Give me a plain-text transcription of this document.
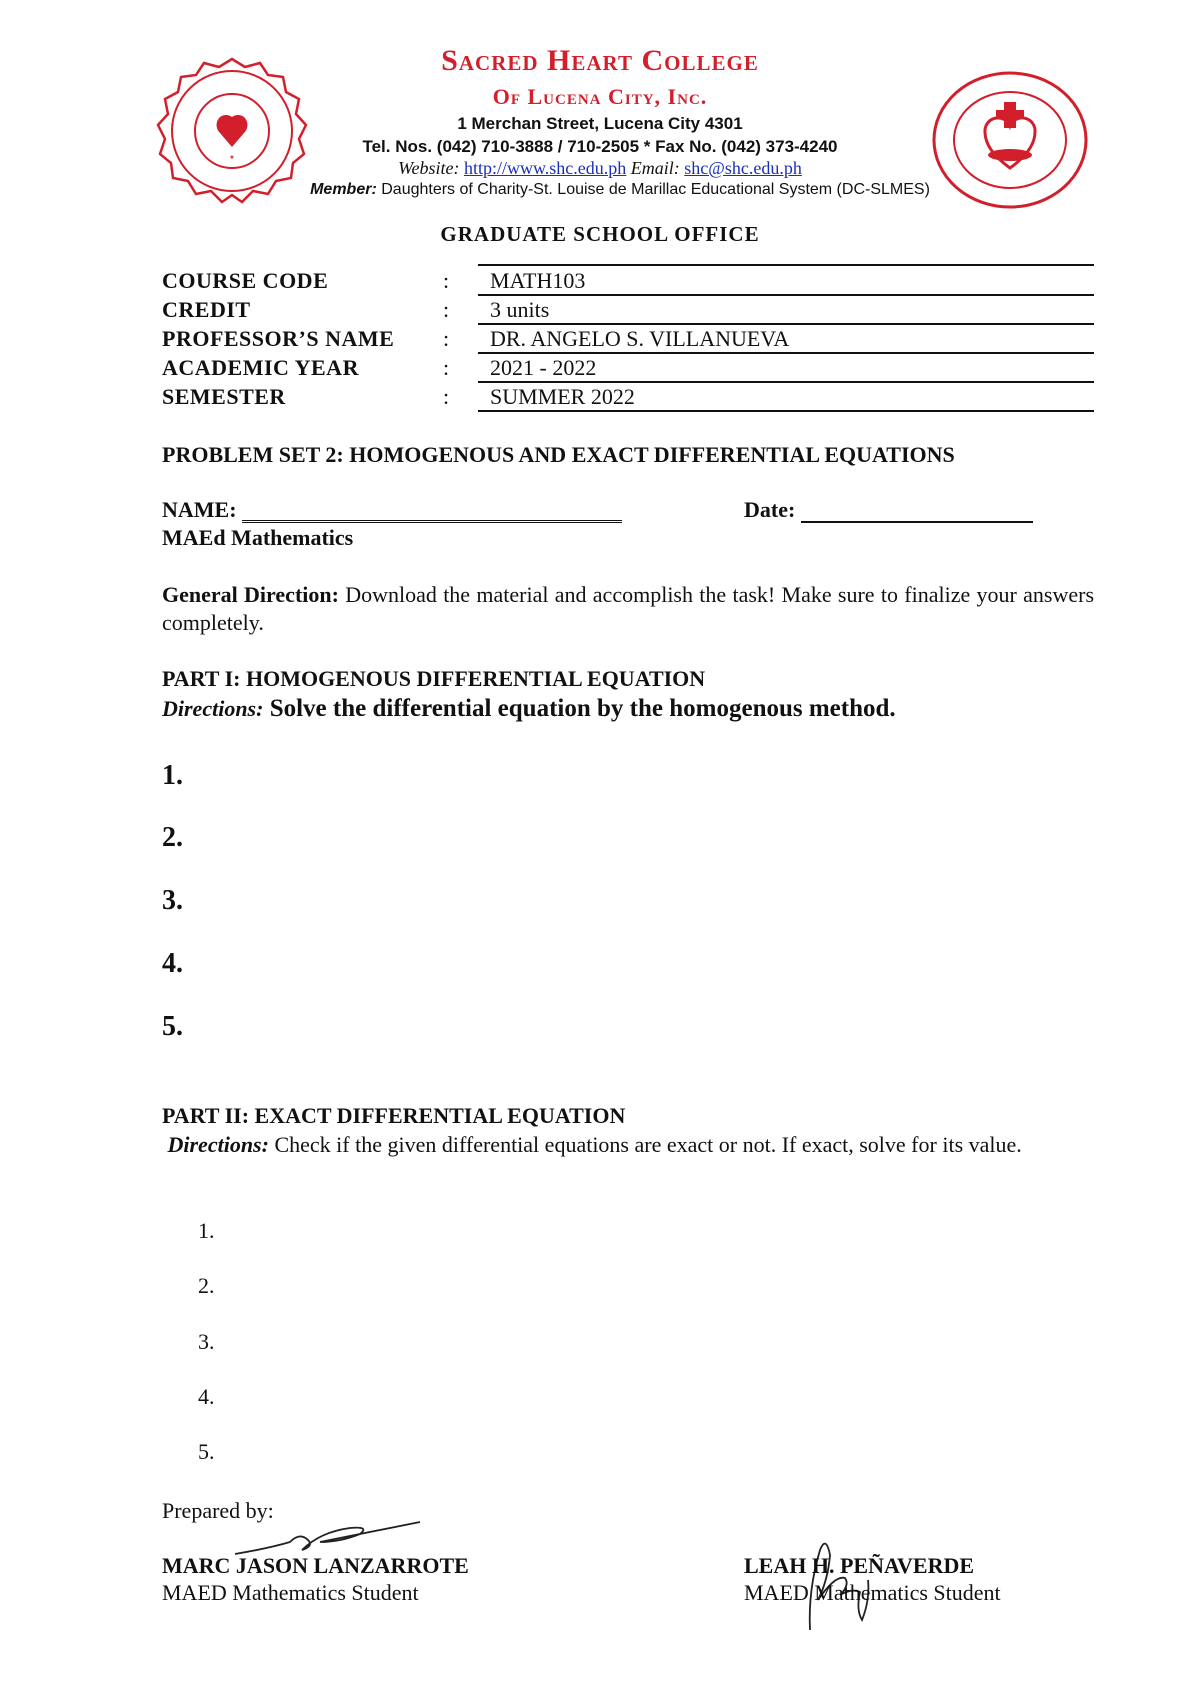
★
Sacred Heart College
Of Lucena City, Inc.
1 Merchan Street, Lucena City 4301
Tel. Nos. (042) 710-3888 / 710-2505 * Fax No. (042) 373-4240
Website: http://www.shc.edu.ph Email: shc@shc.edu.ph
Member: Daughters of Charity-St. Louise de Marillac Educational System (DC-SLMES)
GRADUATE SCHOOL OFFICE
COURSE CODE	: MATH103
CREDIT	: 3 units
PROFESSOR’S NAME : DR. ANGELO S. VILLANUEVA
ACADEMIC YEAR	: 2021 - 2022
SEMESTER	: SUMMER 2022
PROBLEM SET 2: HOMOGENOUS AND EXACT DIFFERENTIAL EQUATIONS
NAME:	Date:
MAEd Mathematics
General Direction: Download the material and accomplish the task! Make sure to finalize your answers completely.
PART I: HOMOGENOUS DIFFERENTIAL EQUATION
Directions: Solve the differential equation by the homogenous method.
1.
2.
3.
4.
5.
PART II: EXACT DIFFERENTIAL EQUATION
Directions: Check if the given differential equations are exact or not. If exact, solve for its value.
1.
2.
3.
4.
5.
Prepared by:
MARC JASON LANZARROTE
MAED Mathematics Student
LEAH H. PEÑAVERDE
MAED Mathematics Student
